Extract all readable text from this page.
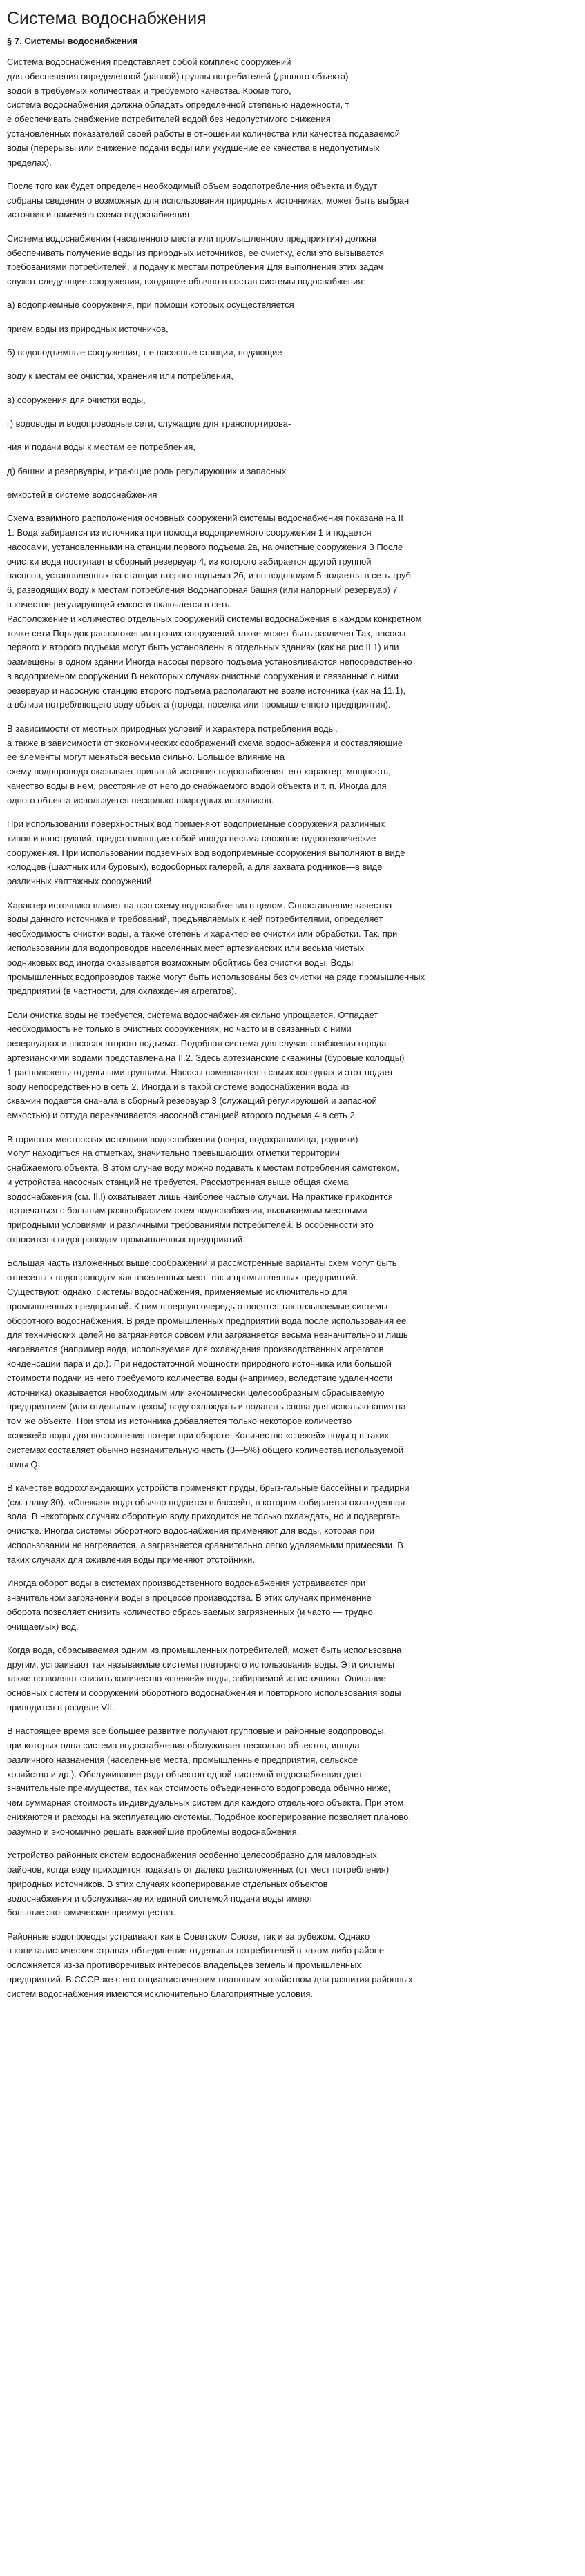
Система водоснабжения
§ 7. Системы водоснабжения

Система водоснабжения представляет собой комплекс сооружений
для обеспечения определенной (данной) группы потребителей (данного объекта)
водой в требуемых количествах и требуемого качества. Кроме того,
система водоснабжения должна обладать определенной степенью надежности, т
е обеспечивать снабжение потребителей водой без недопустимого снижения
установленных показателей своей работы в отношении количества или качества подаваемой
воды (перерывы или снижение подачи воды или ухудшение ее качества в недопустимых
пределах).

После того как будет определен необходимый объем водопотребле-ния объекта и будут
собраны сведения о возможных для использования природных источниках, может быть выбран
источник и намечена схема водоснабжения

Система водоснабжения (населенного места или промышленного предприятия) должна
обеспечивать получение воды из природных источников, ее очистку, если это вызывается
требованиями потребителей, и подачу к местам потребления Для выполнения этих задач
служат следующие сооружения, входящие обычно в состав системы водоснабжения:

а) водоприемные сооружения, при помощи которых осуществляется

прием воды из природных источников,

б) водоподъемные сооружения, т е насосные станции, подающие

воду к местам ее очистки, хранения или потребления,

в) сооружения для очистки воды,

г) водоводы и водопроводные сети, служащие для транспортирова-

ния и подачи воды к местам ее потребления,

д) башни и резервуары, играющие роль регулирующих и запасных

емкостей в системе водоснабжения

Схема взаимного расположения основных сооружений системы водоснабжения показана на II
1. Вода забирается из источника при помощи водоприемного сооружения 1 и подается
насосами, установленными на станции первого подъема 2а, на очистные сооружения 3 После
очистки вода поступает в сборный резервуар 4, из которого забирается другой группой
насосов, установленных на станции второго подъема 2б, и по водоводам 5 подается в сеть труб
6, разводящих воду к местам потребления Водонапорная башня (или напорный резервуар) 7
в качестве регулирующей емкости включается в сеть.
Расположение и количество отдельных сооружений системы водоснабжения в каждом конкретном
точке сети Порядок расположения прочих сооружений также может быть различен Так, насосы
первого и второго подъема могут быть установлены в отдельных зданиях (как на рис II 1) или
размещены в одном здании Иногда насосы первого подъема установливаются непосредственно
в водоприемном сооружении В некоторых случаях очистные сооружения и связанные с ними
резервуар и насосную станцию второго подъема располагают не возле источника (как на 11.1),
а вблизи потребляющего воду объекта (города, поселка или промышленного предприятия).

В зависимости от местных природных условий и характера потребления воды,
а также в зависимости от экономических соображений схема водоснабжения и составляющие
ее элементы могут меняться весьма сильно. Большое влияние на
схему водопровода оказывает принятый источник водоснабжения: его характер, мощность,
качество воды в нем, расстояние от него до снабжаемого водой объекта и т. п. Иногда для
одного объекта используется несколько природных источников.

При использовании поверхностных вод применяют водоприемные сооружения различных
типов и конструкций, представляющие собой иногда весьма сложные гидротехнические
сооружения. При использовании подземных вод водоприемные сооружения выполняют в виде
колодцев (шахтных или буровых), водосборных галерей, а для захвата родников—в виде
различных каптажных сооружений.

Характер источника влияет на всю схему водоснабжения в целом. Сопоставление качества
воды данного источника и требований, предъявляемых к ней потребителями, определяет
необходимость очистки воды, а также степень и характер ее очистки или обработки. Так. при
использовании для водопроводов населенных мест артезианских или весьма чистых
родниковых вод иногда оказывается возможным обойтись без очистки воды. Воды
промышленных водопроводов также могут быть использованы без очистки на ряде промышленных
предприятий (в частности, для охлаждения агрегатов).

Если очистка воды не требуется, система водоснабжения сильно упрощается. Отпадает
необходимость не только в очистных сооружениях, но часто и в связанных с ними
резервуарах и насосах второго подъема. Подобная система для случая снабжения города
артезианскими водами представлена на II.2. Здесь артезианские скважины (буровые колодцы)
1 расположены отдельными группами. Насосы помещаются в самих колодцах и этот подает
воду непосредственно в сеть 2. Иногда и в такой системе водоснабжения вода из
скважин подается сначала в сборный резервуар 3 (служащий регулирующей и запасной
емкостью) и оттуда перекачивается насосной станцией второго подъема 4 в сеть 2.

В гористых местностях источники водоснабжения (озера, водохранилища, родники)
могут находиться на отметках, значительно превышающих отметки территории
снабжаемого объекта. В этом случае воду можно подавать к местам потребления самотеком,
и устройства насосных станций не требуется. Рассмотренная выше общая схема
водоснабжения (см. II.l) охватывает лишь наиболее частые случаи. На практике приходится
встречаться с большим разнообразием схем водоснабжения, вызываемым местными
природными условиями и различными требованиями потребителей. В особенности это
относится к водопроводам промышленных предприятий.

Большая часть изложенных выше соображений и рассмотренные варианты схем могут быть
отнесены к водопроводам как населенных мест, так и промышленных предприятий.
Существуют, однако, системы водоснабжения, применяемые исключительно для
промышленных предприятий. К ним в первую очередь относятся так называемые системы
оборотного водоснабжения. В ряде промышленных предприятий вода после использования ее
для технических целей не загрязняется совсем или загрязняется весьма незначительно и лишь
нагревается (например вода, используемая для охлаждения производственных агрегатов,
конденсации пара и др.). При недостаточной мощности природного источника или большой
стоимости подачи из него требуемого количества воды (например, вследствие удаленности
источника) оказывается необходимым или экономически целесообразным сбрасываемую
предприятием (или отдельным цехом) воду охлаждать и подавать снова для использования на
том же объекте. При этом из источника добавляется только некоторое количество
«свежей» воды для восполнения потери при обороте. Количество «свежей» воды q в таких
системах составляет обычно незначительную часть (3—5%) общего количества используемой
воды Q.

В качестве водоохлаждающих устройств применяют пруды, брыз-гальные бассейны и градирни
(см. главу 30). «Свежая» вода обычно подается в бассейн, в котором собирается охлажденная
вода. В некоторых случаях оборотную воду приходится не только охлаждать, но и подвергать
очистке. Иногда системы оборотного водоснабжения применяют для воды, которая при
использовании не нагревается, а загрязняется сравнительно легко удаляемыми примесями. В
таких случаях для оживления воды применяют отстойники.

Иногда оборот воды в системах производственного водоснабжения устраивается при
значительном загрязнении воды в процессе производства. В этих случаях применение
оборота позволяет снизить количество сбрасываемых загрязненных (и часто — трудно
очищаемых) вод.

Когда вода, сбрасываемая одним из промышленных потребителей, может быть использована
другим, устраивают так называемые системы повторного использования воды. Эти системы
также позволяют снизить количество «свежей» воды, забираемой из источника. Описание
основных систем и сооружений оборотного водоснабжения и повторного использования воды
приводится в разделе VII.

В настоящее время все большее развитие получают групповые и районные водопроводы,
при которых одна система водоснабжения обслуживает несколько объектов, иногда
различного назначения (населенные места, промышленные предприятия, сельское
хозяйство и др.). Обслуживание ряда объектов одной системой водоснабжения дает
значительные преимущества, так как стоимость объединенного водопровода обычно ниже,
чем суммарная стоимость индивидуальных систем для каждого отдельного объекта. При этом
снижаются и расходы на эксплуатацию системы. Подобное кооперирование позволяет планово,
разумно и экономично решать важнейшие проблемы водоснабжения.

Устройство районных систем водоснабжения особенно целесообразно для маловодных
районов, когда воду приходится подавать от далеко расположенных (от мест потребления)
природных источников. В этих случаях кооперирование отдельных объектов
водоснабжения и обслуживание их единой системой подачи воды имеют
большие экономические преимущества.

Районные водопроводы устраивают как в Советском Союзе, так и за рубежом. Однако
в капиталистических странах объединение отдельных потребителей в каком-либо районе
осложняется из-за противоречивых интересов владельцев земель и промышленных
предприятий. В СССР же с его социалистическим плановым хозяйством для развития районных
систем водоснабжения имеются исключительно благоприятные условия.
